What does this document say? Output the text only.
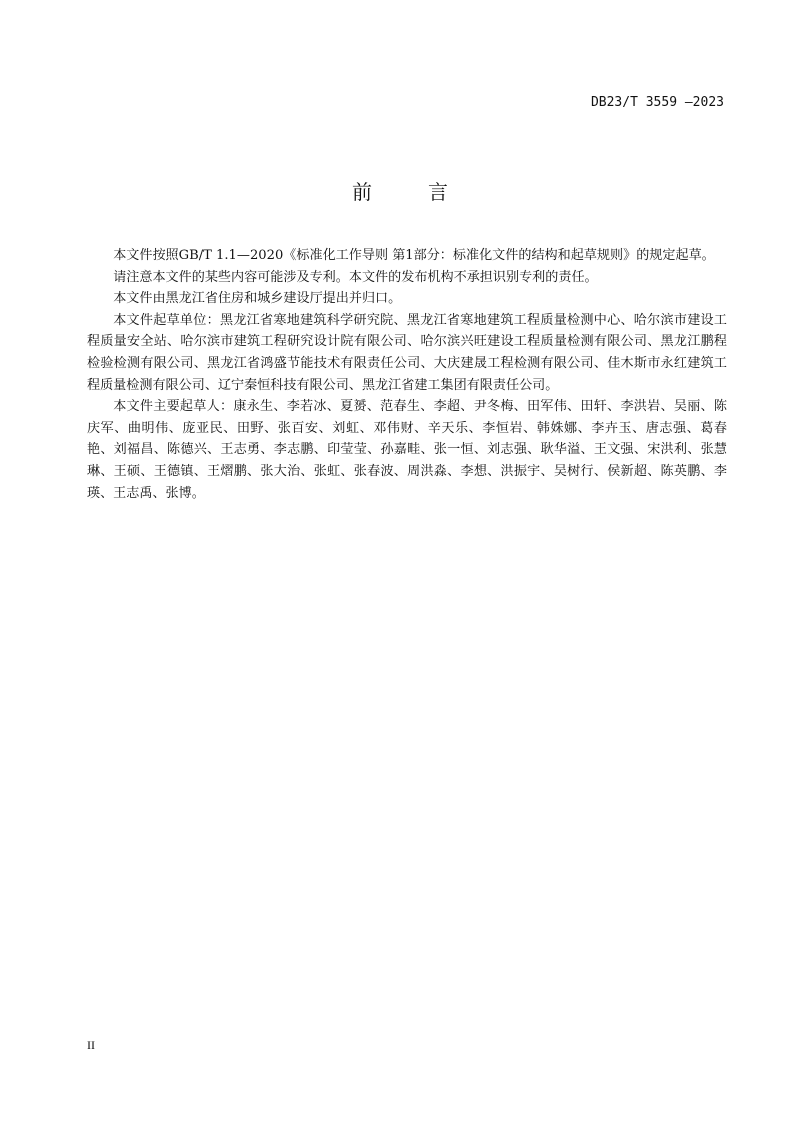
DB23/T 3559 —2023
前	言

本文件按照GB/T 1.1—2020《标准化工作导则 第1部分：标准化文件的结构和起草规则》的规定起草。

请注意本文件的某些内容可能涉及专利。本文件的发布机构不承担识别专利的责任。

本文件由黑龙江省住房和城乡建设厅提出并归口。

本文件起草单位：黑龙江省寒地建筑科学研究院、黑龙江省寒地建筑工程质量检测中心、哈尔滨市建设工程质量安全站、哈尔滨市建筑工程研究设计院有限公司、哈尔滨兴旺建设工程质量检测有限公司、黑龙江鹏程检验检测有限公司、黑龙江省鸿盛节能技术有限责任公司、大庆建晟工程检测有限公司、佳木斯市永红建筑工程质量检测有限公司、辽宁秦恒科技有限公司、黑龙江省建工集团有限责任公司。

本文件主要起草人：康永生、李若冰、夏赟、范春生、李超、尹冬梅、田军伟、田轩、李洪岩、吴丽、陈庆军、曲明伟、庞亚民、田野、张百安、刘虹、邓伟财、辛天乐、李恒岩、韩姝娜、李卉玉、唐志强、葛春艳、刘福昌、陈德兴、王志勇、李志鹏、印莹莹、孙嘉畦、张一恒、刘志强、耿华溢、王文强、宋洪利、张慧琳、王硕、王德镇、王熠鹏、张大治、张虹、张春波、周洪淼、李想、洪振宇、吴树行、侯新超、陈英鹏、李瑛、王志禹、张博。

II
